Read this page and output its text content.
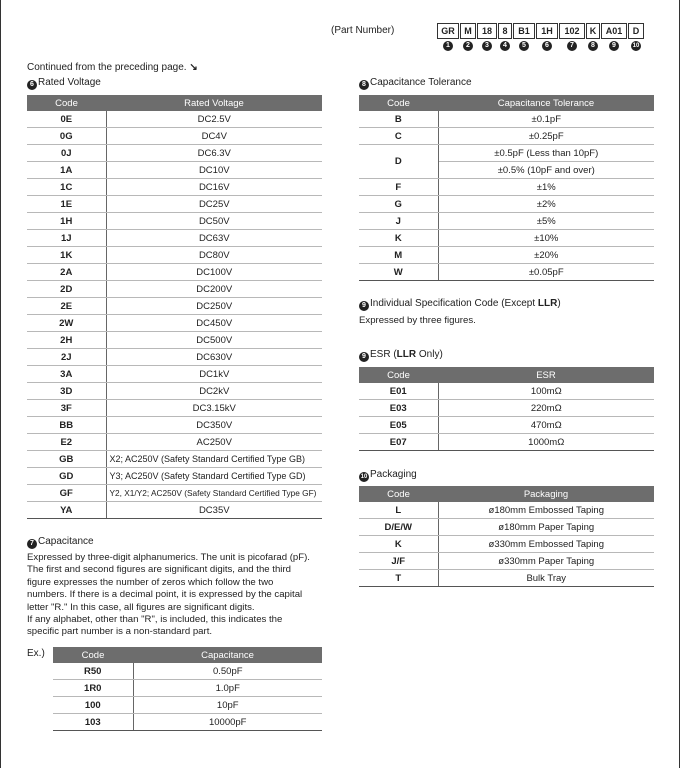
(Part Number)	GR
1
M
2
18
3
8
4
B1
5
1H
6
102
7
K
8
A01
9
D
10
Continued from the preceding page. ↘
6 Rated Voltage
Code	Rated Voltage
0E	DC2.5V
0G	DC4V
0J	DC6.3V
1A	DC10V
1C	DC16V
1E	DC25V
1H	DC50V
1J	DC63V
1K	DC80V
2A	DC100V
2D	DC200V
2E	DC250V
2W	DC450V
2H	DC500V
2J	DC630V
3A	DC1kV
3D	DC2kV
3F	DC3.15kV
BB	DC350V
E2	AC250V
GB	X2; AC250V (Safety Standard Certified Type GB)
GD	Y3; AC250V (Safety Standard Certified Type GD)
GF	Y2, X1/Y2; AC250V (Safety Standard Certified Type GF)
YA	DC35V
7 Capacitance
Expressed by three-digit alphanumerics. The unit is picofarad (pF).
The first and second figures are significant digits, and the third
figure expresses the number of zeros which follow the two
numbers. If there is a decimal point, it is expressed by the capital
letter "R." In this case, all figures are significant digits.
If any alphabet, other than "R", is included, this indicates the
specific part number is a non-standard part.
Ex.)	Code	Capacitance
R50	0.50pF
1R0	1.0pF
100	10pF
103	10000pF
8 Capacitance Tolerance
Code	Capacitance Tolerance
B	±0.1pF
C	±0.25pF
D	±0.5pF (Less than 10pF)
	±0.5% (10pF and over)
F	±1%
G	±2%
J	±5%
K	±10%
M	±20%
W	±0.05pF
9 Individual Specification Code (Except LLR)
Expressed by three figures.
9 ESR (LLR Only)
Code	ESR
E01	100mΩ
E03	220mΩ
E05	470mΩ
E07	1000mΩ
10 Packaging
Code	Packaging
L	ø180mm Embossed Taping
D/E/W	ø180mm Paper Taping
K	ø330mm Embossed Taping
J/F	ø330mm Paper Taping
T	Bulk Tray
